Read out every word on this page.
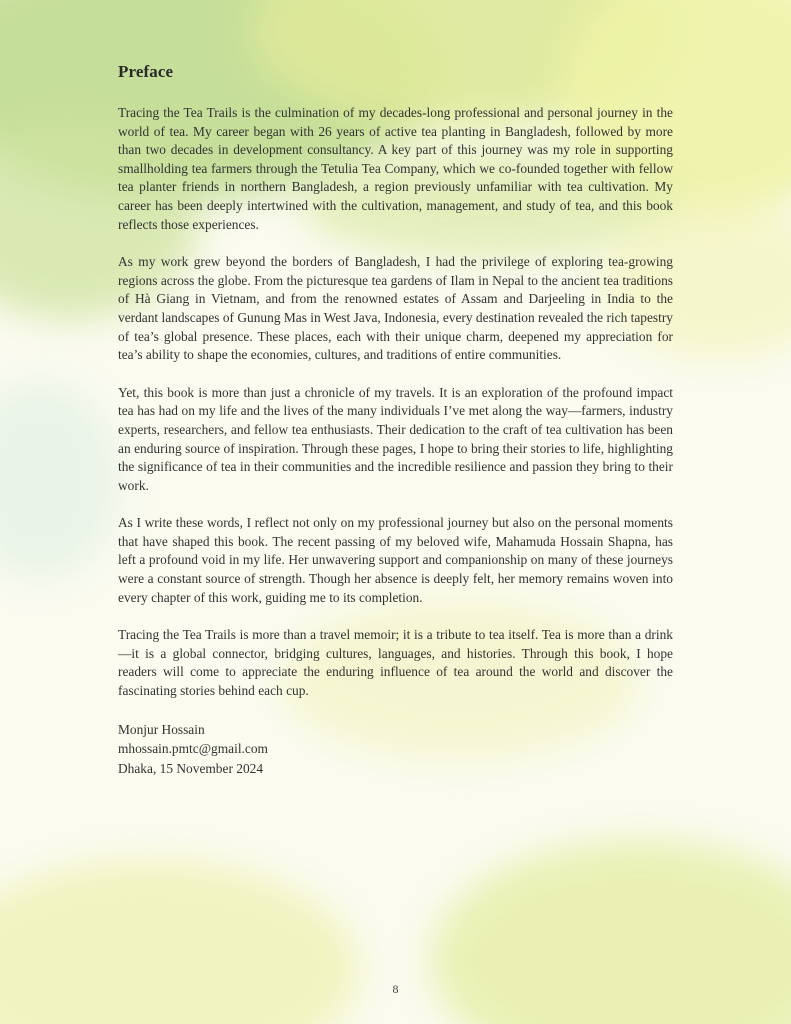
Preface

Tracing the Tea Trails is the culmination of my decades-long professional and personal journey in the world of tea. My career began with 26 years of active tea planting in Bangladesh, followed by more than two decades in development consultancy. A key part of this journey was my role in supporting smallholding tea farmers through the Tetulia Tea Company, which we co-founded together with fellow tea planter friends in northern Bangladesh, a region previously unfamiliar with tea cultivation. My career has been deeply intertwined with the cultivation, management, and study of tea, and this book reflects those experiences.

As my work grew beyond the borders of Bangladesh, I had the privilege of exploring tea-growing regions across the globe. From the picturesque tea gardens of Ilam in Nepal to the ancient tea traditions of Hà Giang in Vietnam, and from the renowned estates of Assam and Darjeeling in India to the verdant landscapes of Gunung Mas in West Java, Indonesia, every destination revealed the rich tapestry of tea’s global presence. These places, each with their unique charm, deepened my appreciation for tea’s ability to shape the economies, cultures, and traditions of entire communities.

Yet, this book is more than just a chronicle of my travels. It is an exploration of the profound impact tea has had on my life and the lives of the many individuals I’ve met along the way—farmers, industry experts, researchers, and fellow tea enthusiasts. Their dedication to the craft of tea cultivation has been an enduring source of inspiration. Through these pages, I hope to bring their stories to life, highlighting the significance of tea in their communities and the incredible resilience and passion they bring to their work.

As I write these words, I reflect not only on my professional journey but also on the personal moments that have shaped this book. The recent passing of my beloved wife, Mahamuda Hossain Shapna, has left a profound void in my life. Her unwavering support and companionship on many of these journeys were a constant source of strength. Though her absence is deeply felt, her memory remains woven into every chapter of this work, guiding me to its completion.

Tracing the Tea Trails is more than a travel memoir; it is a tribute to tea itself. Tea is more than a drink—it is a global connector, bridging cultures, languages, and histories. Through this book, I hope readers will come to appreciate the enduring influence of tea around the world and discover the fascinating stories behind each cup.

Monjur Hossain
mhossain.pmtc@gmail.com
Dhaka, 15 November 2024
8
